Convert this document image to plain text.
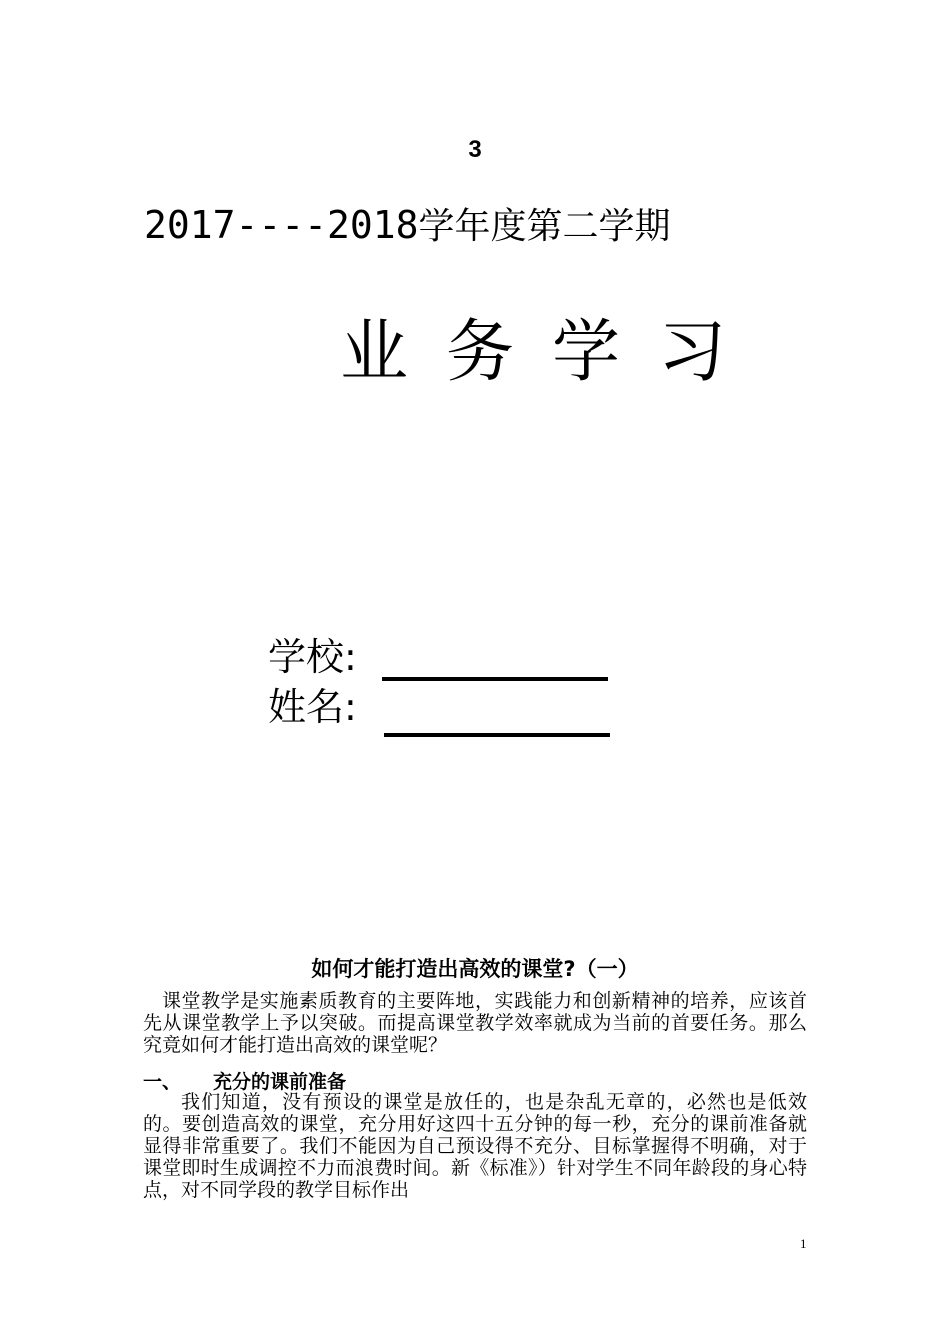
3
2017----2018学年度第二学期
业 务 学 习
学校:
姓名:
如何才能打造出高效的课堂?（一）
课堂教学是实施素质教育的主要阵地，实践能力和创新精神的培养，应该首先从课堂教学上予以突破。而提高课堂教学效率就成为当前的首要任务。那么究竟如何才能打造出高效的课堂呢？
一、 充分的课前准备
我们知道，没有预设的课堂是放任的，也是杂乱无章的，必然也是低效的。要创造高效的课堂，充分用好这四十五分钟的每一秒，充分的课前准备就显得非常重要了。我们不能因为自己预设得不充分、目标掌握得不明确，对于课堂即时生成调控不力而浪费时间。新《标准》）针对学生不同年龄段的身心特点，对不同学段的教学目标作出
1
